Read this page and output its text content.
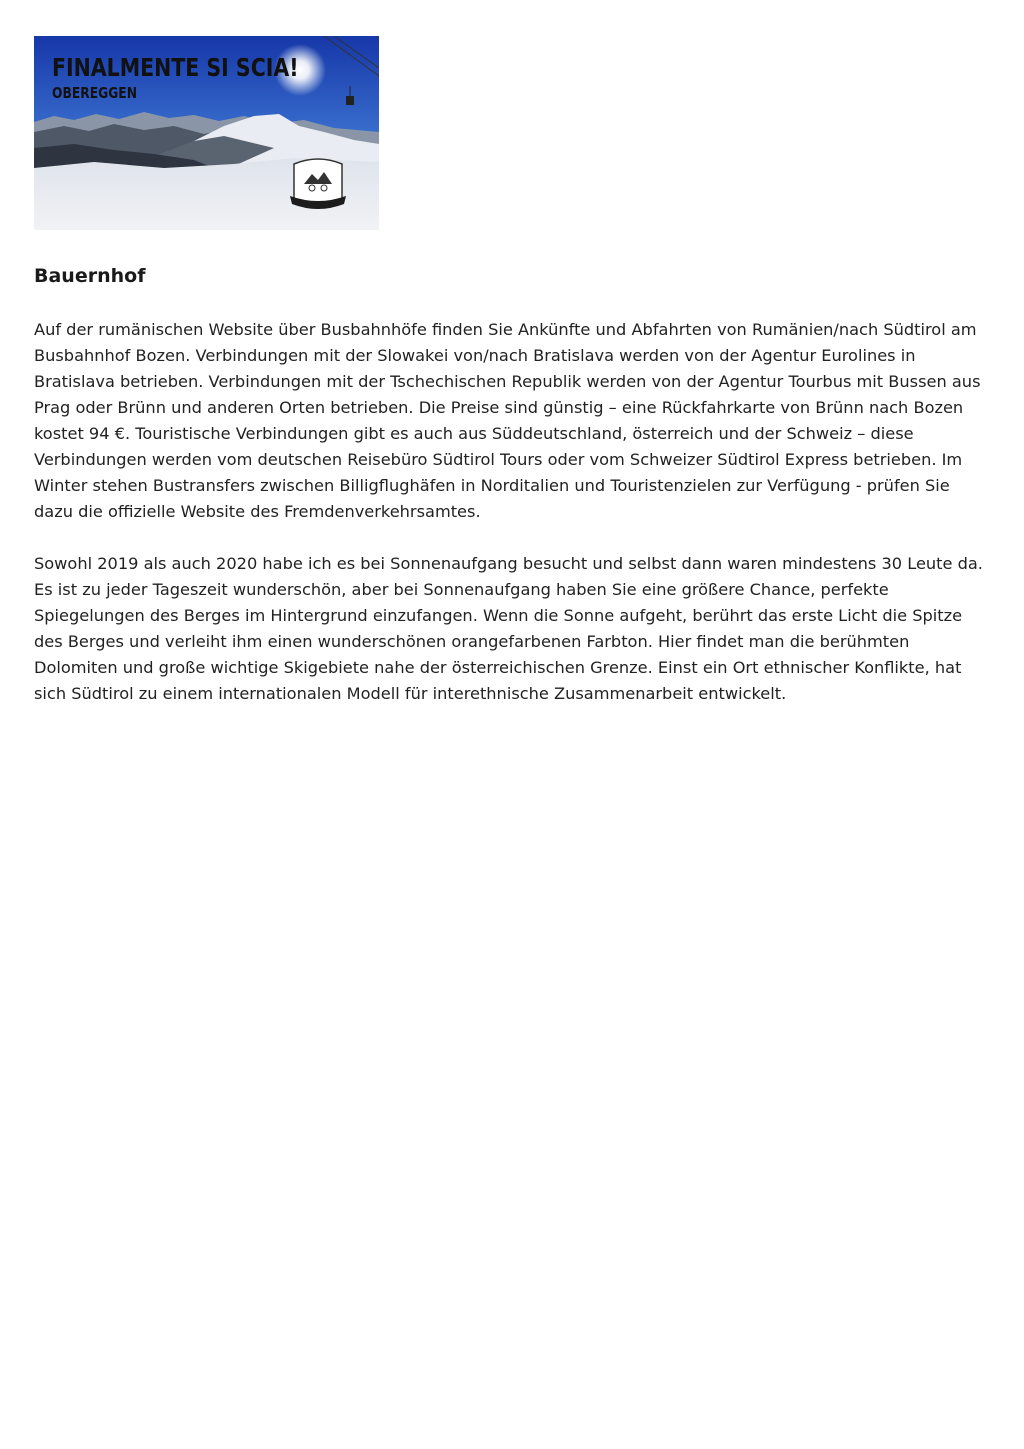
FINALMENTE SI SCIA!
OBEREGGEN
Bauernhof

Auf der rumänischen Website über Busbahnhöfe finden Sie Ankünfte und Abfahrten von Rumänien/nach Südtirol am Busbahnhof Bozen. Verbindungen mit der Slowakei von/nach Bratislava werden von der Agentur Eurolines in Bratislava betrieben. Verbindungen mit der Tschechischen Republik werden von der Agentur Tourbus mit Bussen aus Prag oder Brünn und anderen Orten betrieben. Die Preise sind günstig – eine Rückfahrkarte von Brünn nach Bozen kostet 94 €. Touristische Verbindungen gibt es auch aus Süddeutschland, österreich und der Schweiz – diese Verbindungen werden vom deutschen Reisebüro Südtirol Tours oder vom Schweizer Südtirol Express betrieben. Im Winter stehen Bustransfers zwischen Billigflughäfen in Norditalien und Touristenzielen zur Verfügung - prüfen Sie dazu die offizielle Website des Fremdenverkehrsamtes.

Sowohl 2019 als auch 2020 habe ich es bei Sonnenaufgang besucht und selbst dann waren mindestens 30 Leute da. Es ist zu jeder Tageszeit wunderschön, aber bei Sonnenaufgang haben Sie eine größere Chance, perfekte Spiegelungen des Berges im Hintergrund einzufangen. Wenn die Sonne aufgeht, berührt das erste Licht die Spitze des Berges und verleiht ihm einen wunderschönen orangefarbenen Farbton. Hier findet man die berühmten Dolomiten und große wichtige Skigebiete nahe der österreichischen Grenze. Einst ein Ort ethnischer Konflikte, hat sich Südtirol zu einem internationalen Modell für interethnische Zusammenarbeit entwickelt.
